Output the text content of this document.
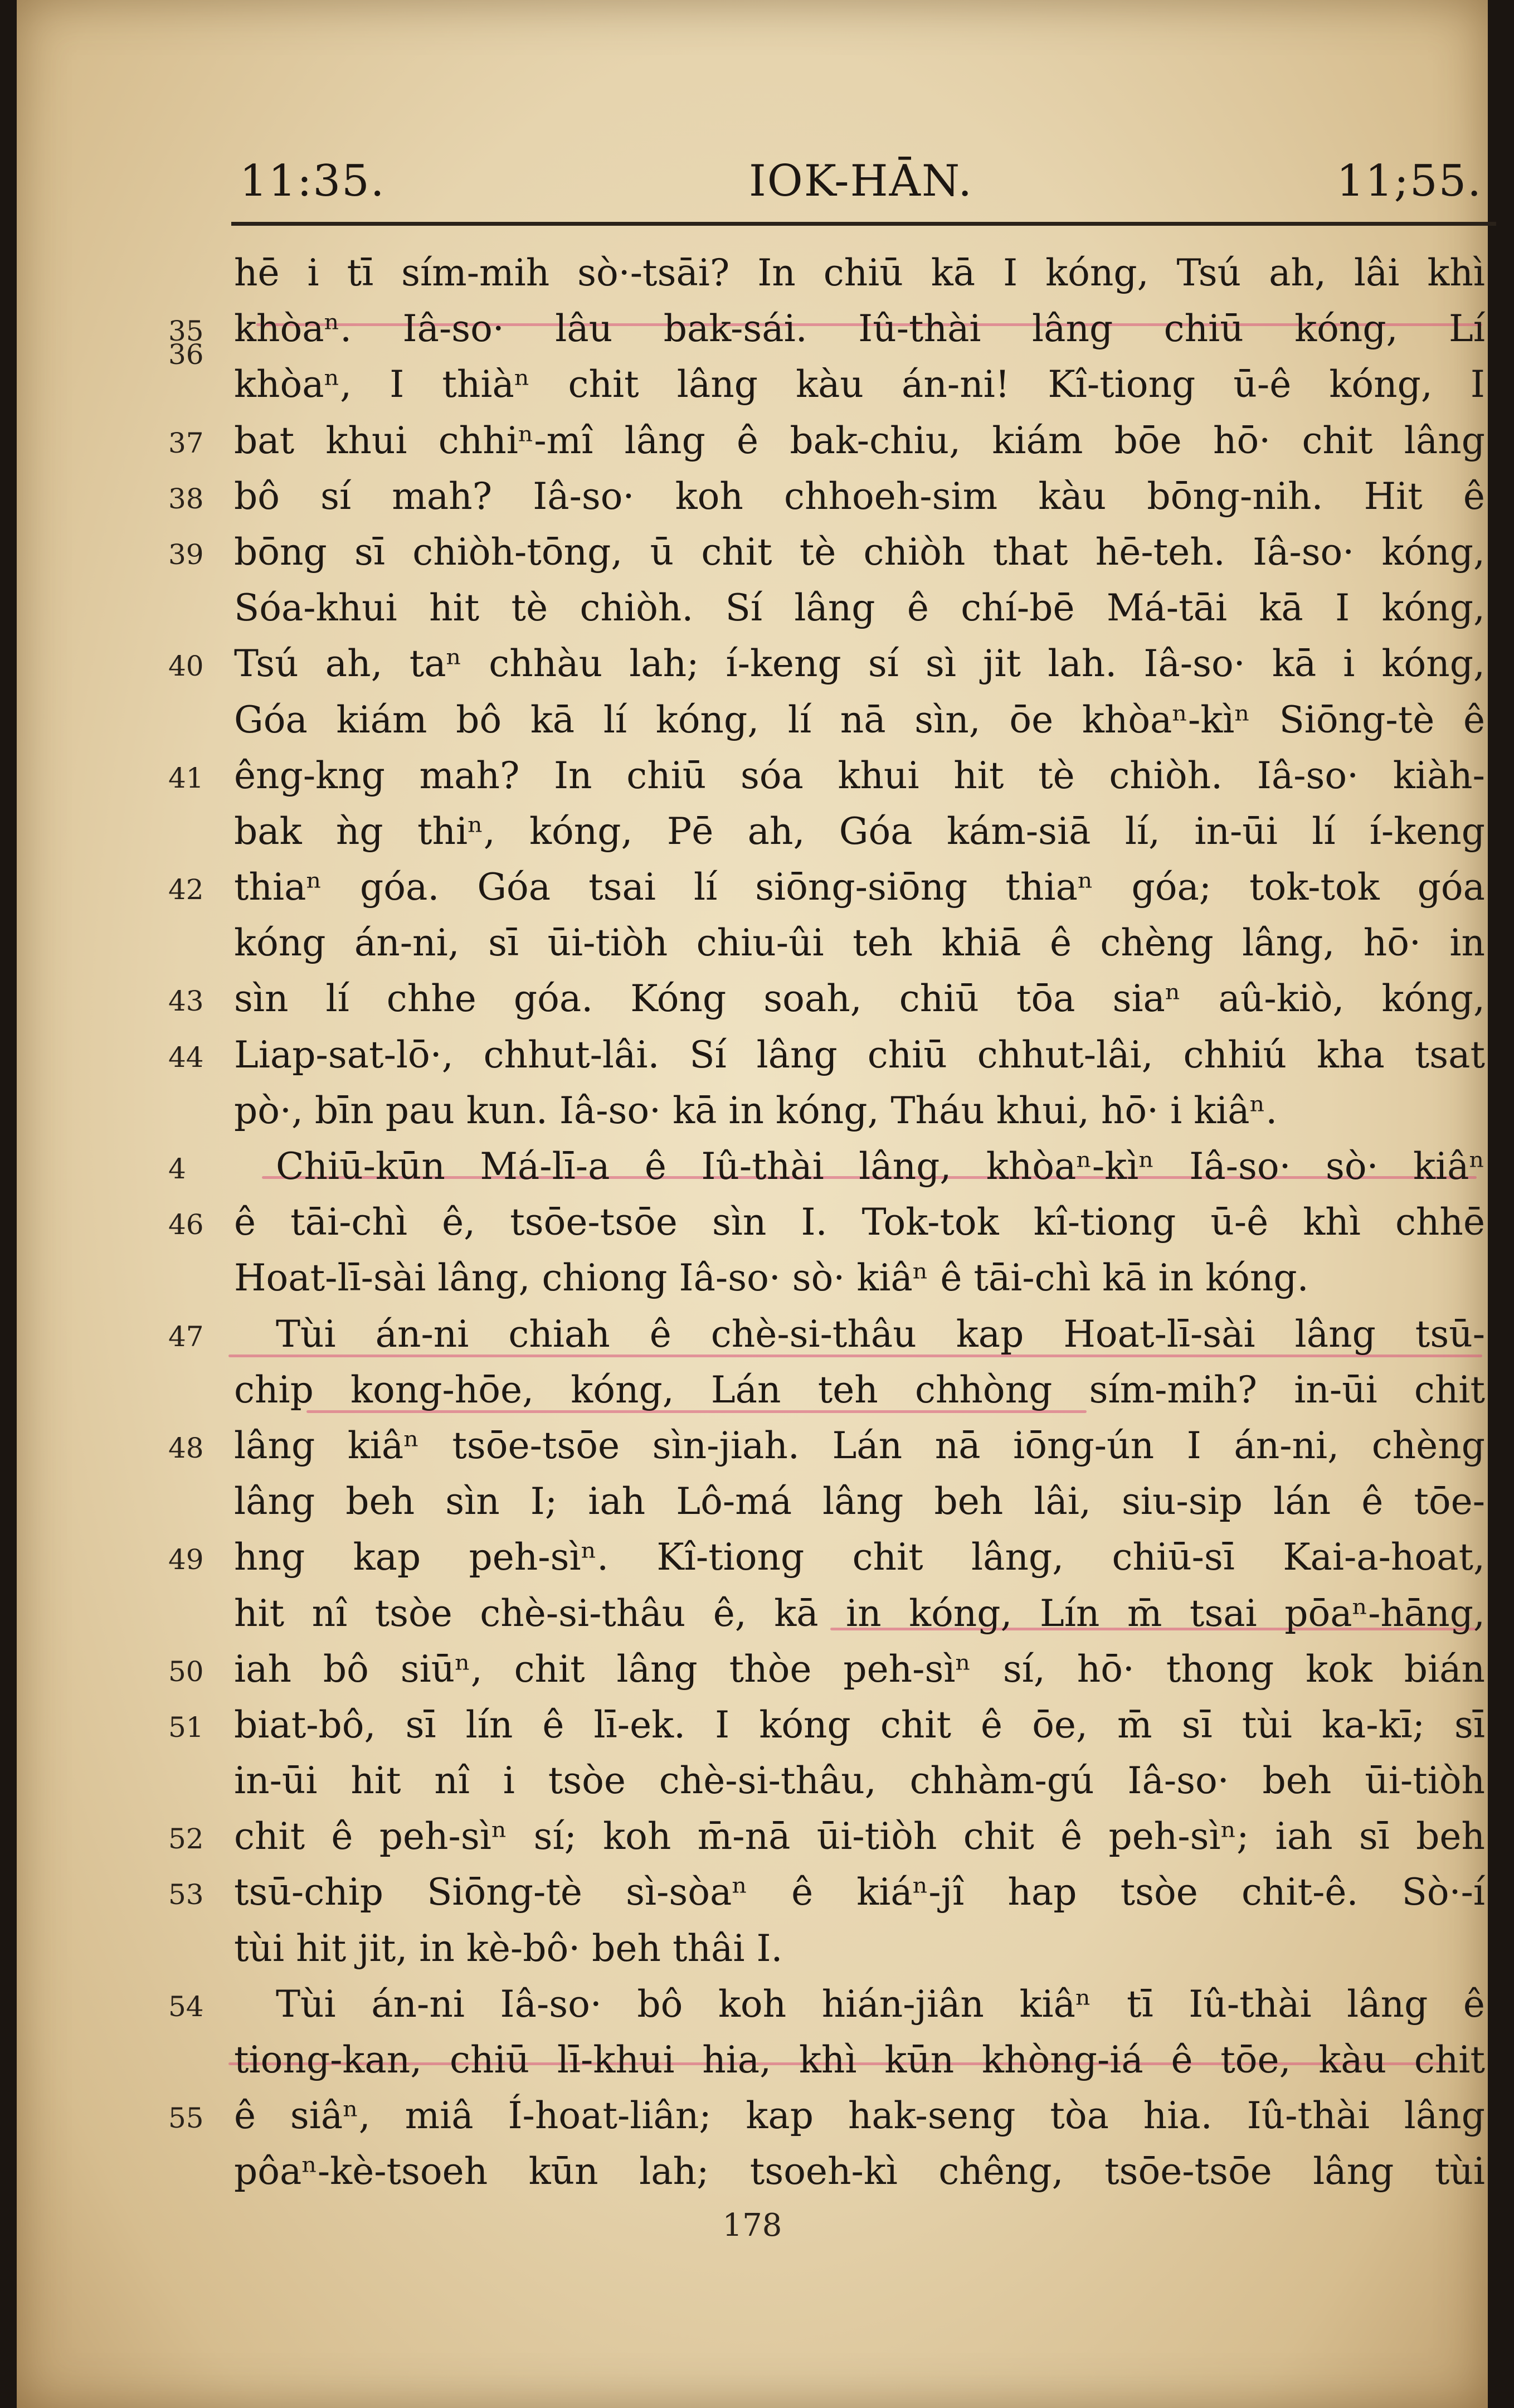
11:35.	IOK-HĀN.	11;55.
hē i tī sím-mih sò·-tsāi? In chiū kā I kóng, Tsú ah, lâi khì
35
36
khòaⁿ. Iâ-so· lâu bak-sái. Iû-thài lâng chiū kóng, Lí
khòaⁿ, I thiàⁿ chit lâng kàu án-ni! Kî-tiong ū-ê kóng, I
37 bat khui chhiⁿ-mî lâng ê bak-chiu, kiám bōe hō· chit lâng
38 bô sí mah? Iâ-so· koh chhoeh-sim kàu bōng-nih. Hit ê
39 bōng sī chiòh-tōng, ū chit tè chiòh that hē-teh. Iâ-so· kóng,
Sóa-khui hit tè chiòh. Sí lâng ê chí-bē Má-tāi kā I kóng,
40 Tsú ah, taⁿ chhàu lah; í-keng sí sì jit lah. Iâ-so· kā i kóng,
Góa kiám bô kā lí kóng, lí nā sìn, ōe khòaⁿ-kìⁿ Siōng-tè ê
41 êng-kng mah? In chiū sóa khui hit tè chiòh. Iâ-so· kiàh-
bak ǹg thiⁿ, kóng, Pē ah, Góa kám-siā lí, in-ūi lí í-keng
42 thiaⁿ góa. Góa tsai lí siōng-siōng thiaⁿ góa; tok-tok góa
kóng án-ni, sī ūi-tiòh chiu-ûi teh khiā ê chèng lâng, hō· in
43 sìn lí chhe góa. Kóng soah, chiū tōa siaⁿ aû-kiò, kóng,
44 Liap-sat-lō·, chhut-lâi. Sí lâng chiū chhut-lâi, chhiú kha tsat
pò·, bīn pau kun. Iâ-so· kā in kóng, Tháu khui, hō· i kiâⁿ.
4 Chiū-kūn Má-lī-a ê Iû-thài lâng, khòaⁿ-kìⁿ Iâ-so· sò· kiâⁿ
46 ê tāi-chì ê, tsōe-tsōe sìn I. Tok-tok kî-tiong ū-ê khì chhē
Hoat-lī-sài lâng, chiong Iâ-so· sò· kiâⁿ ê tāi-chì kā in kóng.
47 Tùi án-ni chiah ê chè-si-thâu kap Hoat-lī-sài lâng tsū-
chip kong-hōe, kóng, Lán teh chhòng sím-mih? in-ūi chit
48 lâng kiâⁿ tsōe-tsōe sìn-jiah. Lán nā iōng-ún I án-ni, chèng
lâng beh sìn I; iah Lô-má lâng beh lâi, siu-sip lán ê tōe-
49 hng kap peh-sìⁿ. Kî-tiong chit lâng, chiū-sī Kai-a-hoat,
hit nî tsòe chè-si-thâu ê, kā in kóng, Lín m̄ tsai pōaⁿ-hāng,
50 iah bô siūⁿ, chit lâng thòe peh-sìⁿ sí, hō· thong kok bián
51 biat-bô, sī lín ê lī-ek. I kóng chit ê ōe, m̄ sī tùi ka-kī; sī
in-ūi hit nî i tsòe chè-si-thâu, chhàm-gú Iâ-so· beh ūi-tiòh
52 chit ê peh-sìⁿ sí; koh m̄-nā ūi-tiòh chit ê peh-sìⁿ; iah sī beh
53 tsū-chip Siōng-tè sì-sòaⁿ ê kiáⁿ-jî hap tsòe chit-ê. Sò·-í
tùi hit jit, in kè-bô· beh thâi I.
54 Tùi án-ni Iâ-so· bô koh hián-jiân kiâⁿ tī Iû-thài lâng ê
tiong-kan, chiū lī-khui hia, khì kūn khòng-iá ê tōe, kàu chit
55 ê siâⁿ, miâ Í-hoat-liân; kap hak-seng tòa hia. Iû-thài lâng
pôaⁿ-kè-tsoeh kūn lah; tsoeh-kì chêng, tsōe-tsōe lâng tùi
178
